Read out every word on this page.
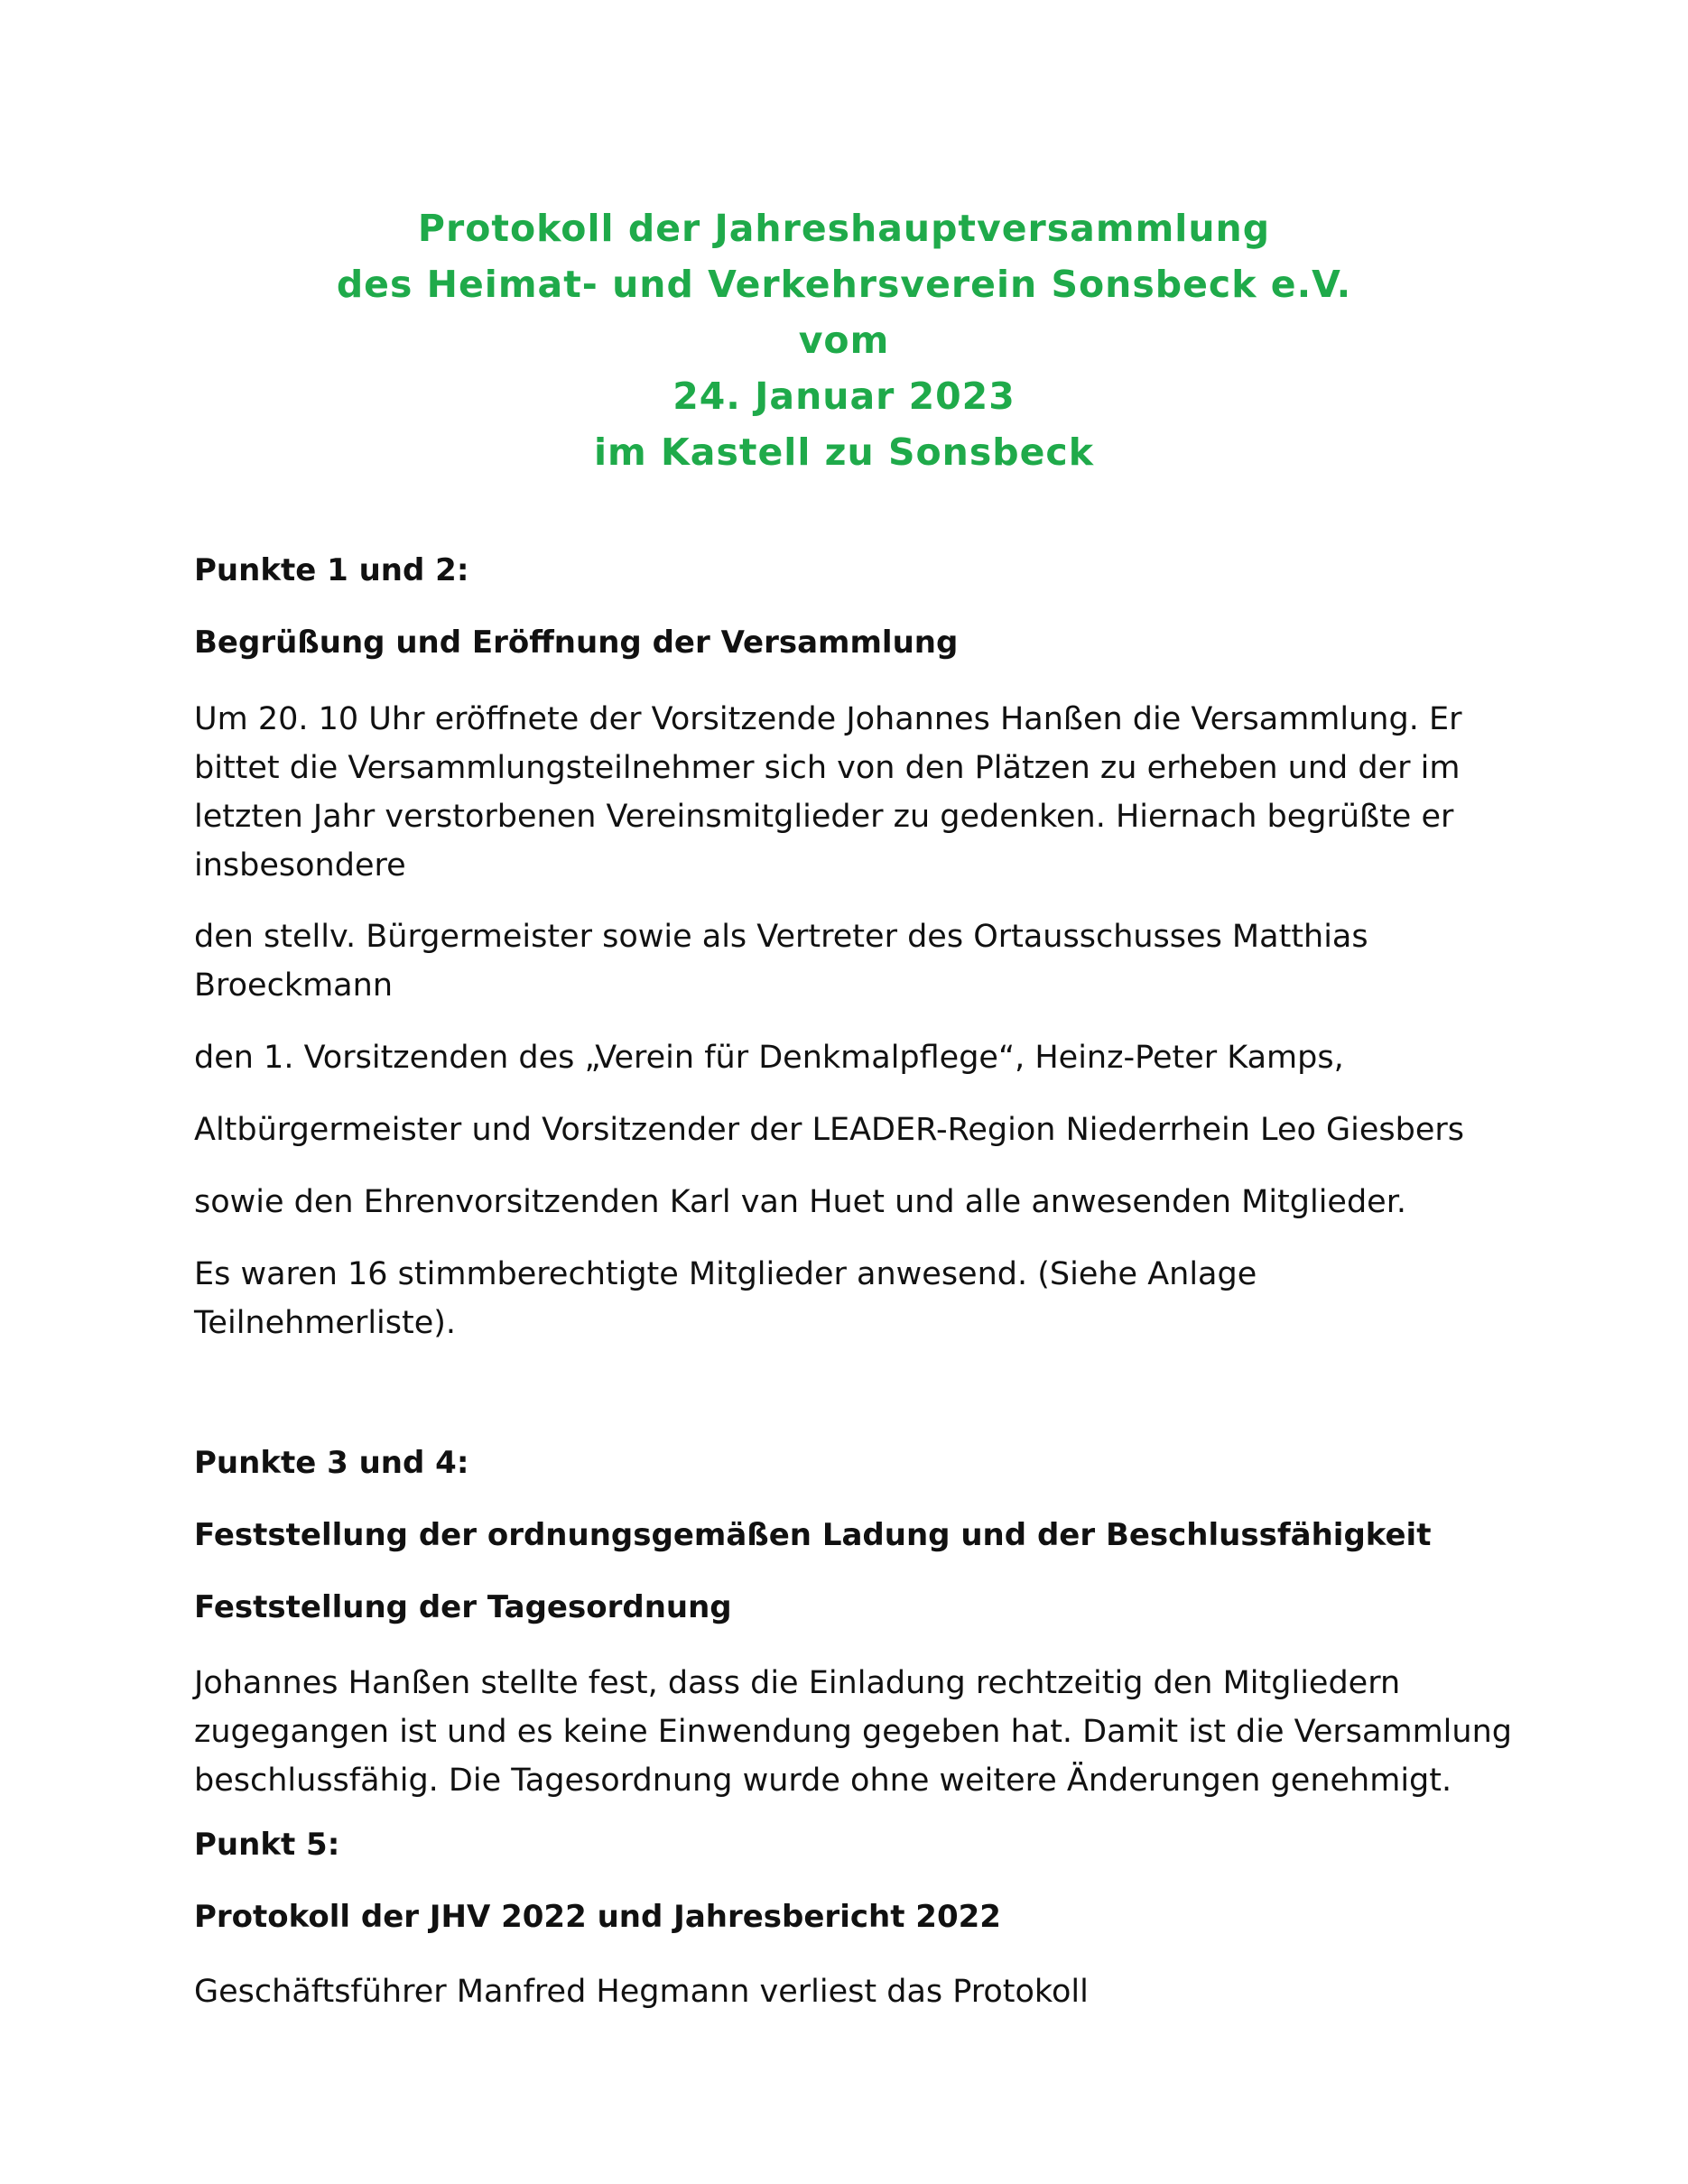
Protokoll der Jahreshauptversammlung
des Heimat- und Verkehrsverein Sonsbeck e.V.
vom
24. Januar 2023
im Kastell zu Sonsbeck
Punkte 1 und 2:
Begrüßung und Eröffnung der Versammlung
Um 20. 10 Uhr eröffnete der Vorsitzende Johannes Hanßen die Versammlung. Er
bittet die Versammlungsteilnehmer sich von den Plätzen zu erheben und der im
letzten Jahr verstorbenen Vereinsmitglieder zu gedenken. Hiernach begrüßte er
insbesondere
den stellv. Bürgermeister sowie als Vertreter des Ortausschusses Matthias
Broeckmann
den 1. Vorsitzenden des „Verein für Denkmalpflege“, Heinz-Peter Kamps,
Altbürgermeister und Vorsitzender der LEADER-Region Niederrhein Leo Giesbers
sowie den Ehrenvorsitzenden Karl van Huet und alle anwesenden Mitglieder.
Es waren 16 stimmberechtigte Mitglieder anwesend. (Siehe Anlage
Teilnehmerliste).
Punkte 3 und 4:
Feststellung der ordnungsgemäßen Ladung und der Beschlussfähigkeit
Feststellung der Tagesordnung
Johannes Hanßen stellte fest, dass die Einladung rechtzeitig den Mitgliedern
zugegangen ist und es keine Einwendung gegeben hat. Damit ist die Versammlung
beschlussfähig. Die Tagesordnung wurde ohne weitere Änderungen genehmigt.
Punkt 5:
Protokoll der JHV 2022 und Jahresbericht 2022
Geschäftsführer Manfred Hegmann verliest das Protokoll
